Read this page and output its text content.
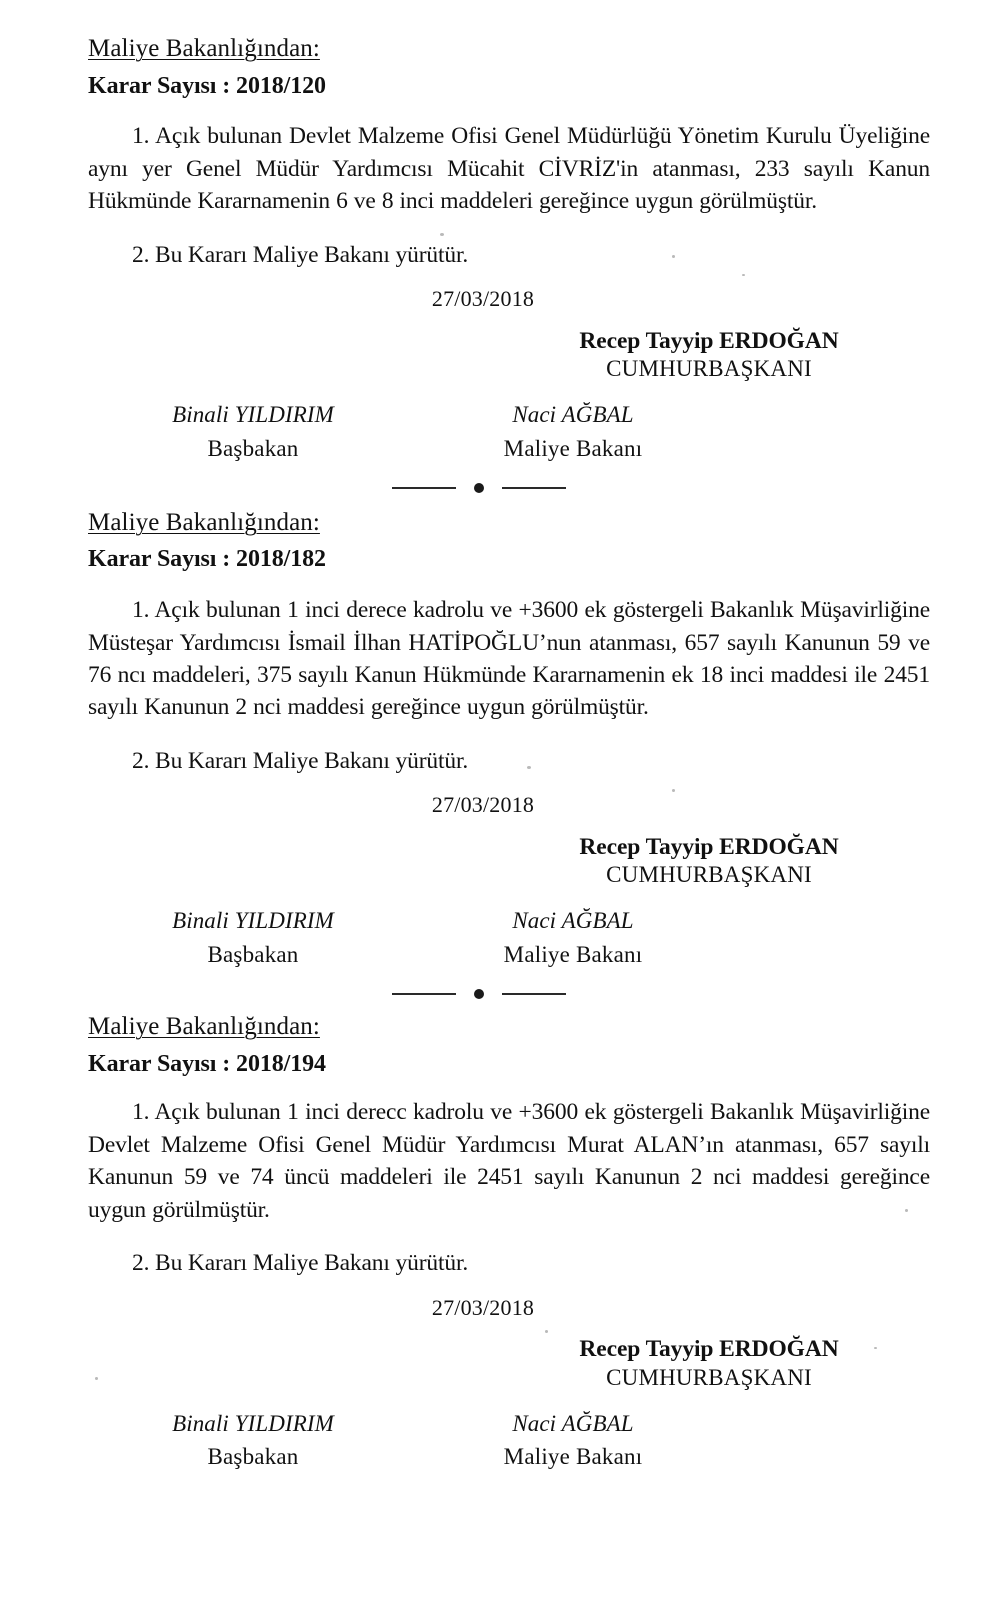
Maliye Bakanlığından:
Karar Sayısı : 2018/120

1. Açık bulunan Devlet Malzeme Ofisi Genel Müdürlüğü Yönetim Kurulu Üyeliğine aynı yer Genel Müdür Yardımcısı Mücahit CİVRİZ'in atanması, 233 sayılı Kanun Hükmünde Kararnamenin 6 ve 8 inci maddeleri gereğince uygun görülmüştür.

2. Bu Kararı Maliye Bakanı yürütür.

27/03/2018
Recep Tayyip ERDOĞAN
CUMHURBAŞKANI
Binali YILDIRIM
Başbakan
Naci AĞBAL
Maliye Bakanı
Maliye Bakanlığından:
Karar Sayısı : 2018/182

1. Açık bulunan 1 inci derece kadrolu ve +3600 ek göstergeli Bakanlık Müşavirliğine Müsteşar Yardımcısı İsmail İlhan HATİPOĞLU’nun atanması, 657 sayılı Kanunun 59 ve 76 ncı maddeleri, 375 sayılı Kanun Hükmünde Kararnamenin ek 18 inci maddesi ile 2451 sayılı Kanunun 2 nci maddesi gereğince uygun görülmüştür.

2. Bu Kararı Maliye Bakanı yürütür.

27/03/2018
Recep Tayyip ERDOĞAN
CUMHURBAŞKANI
Binali YILDIRIM
Başbakan
Naci AĞBAL
Maliye Bakanı
Maliye Bakanlığından:
Karar Sayısı : 2018/194

1. Açık bulunan 1 inci derecc kadrolu ve +3600 ek göstergeli Bakanlık Müşavirliğine Devlet Malzeme Ofisi Genel Müdür Yardımcısı Murat ALAN’ın atanması, 657 sayılı Kanunun 59 ve 74 üncü maddeleri ile 2451 sayılı Kanunun 2 nci maddesi gereğince uygun görülmüştür.

2. Bu Kararı Maliye Bakanı yürütür.

27/03/2018
Recep Tayyip ERDOĞAN
CUMHURBAŞKANI
Binali YILDIRIM
Başbakan
Naci AĞBAL
Maliye Bakanı
